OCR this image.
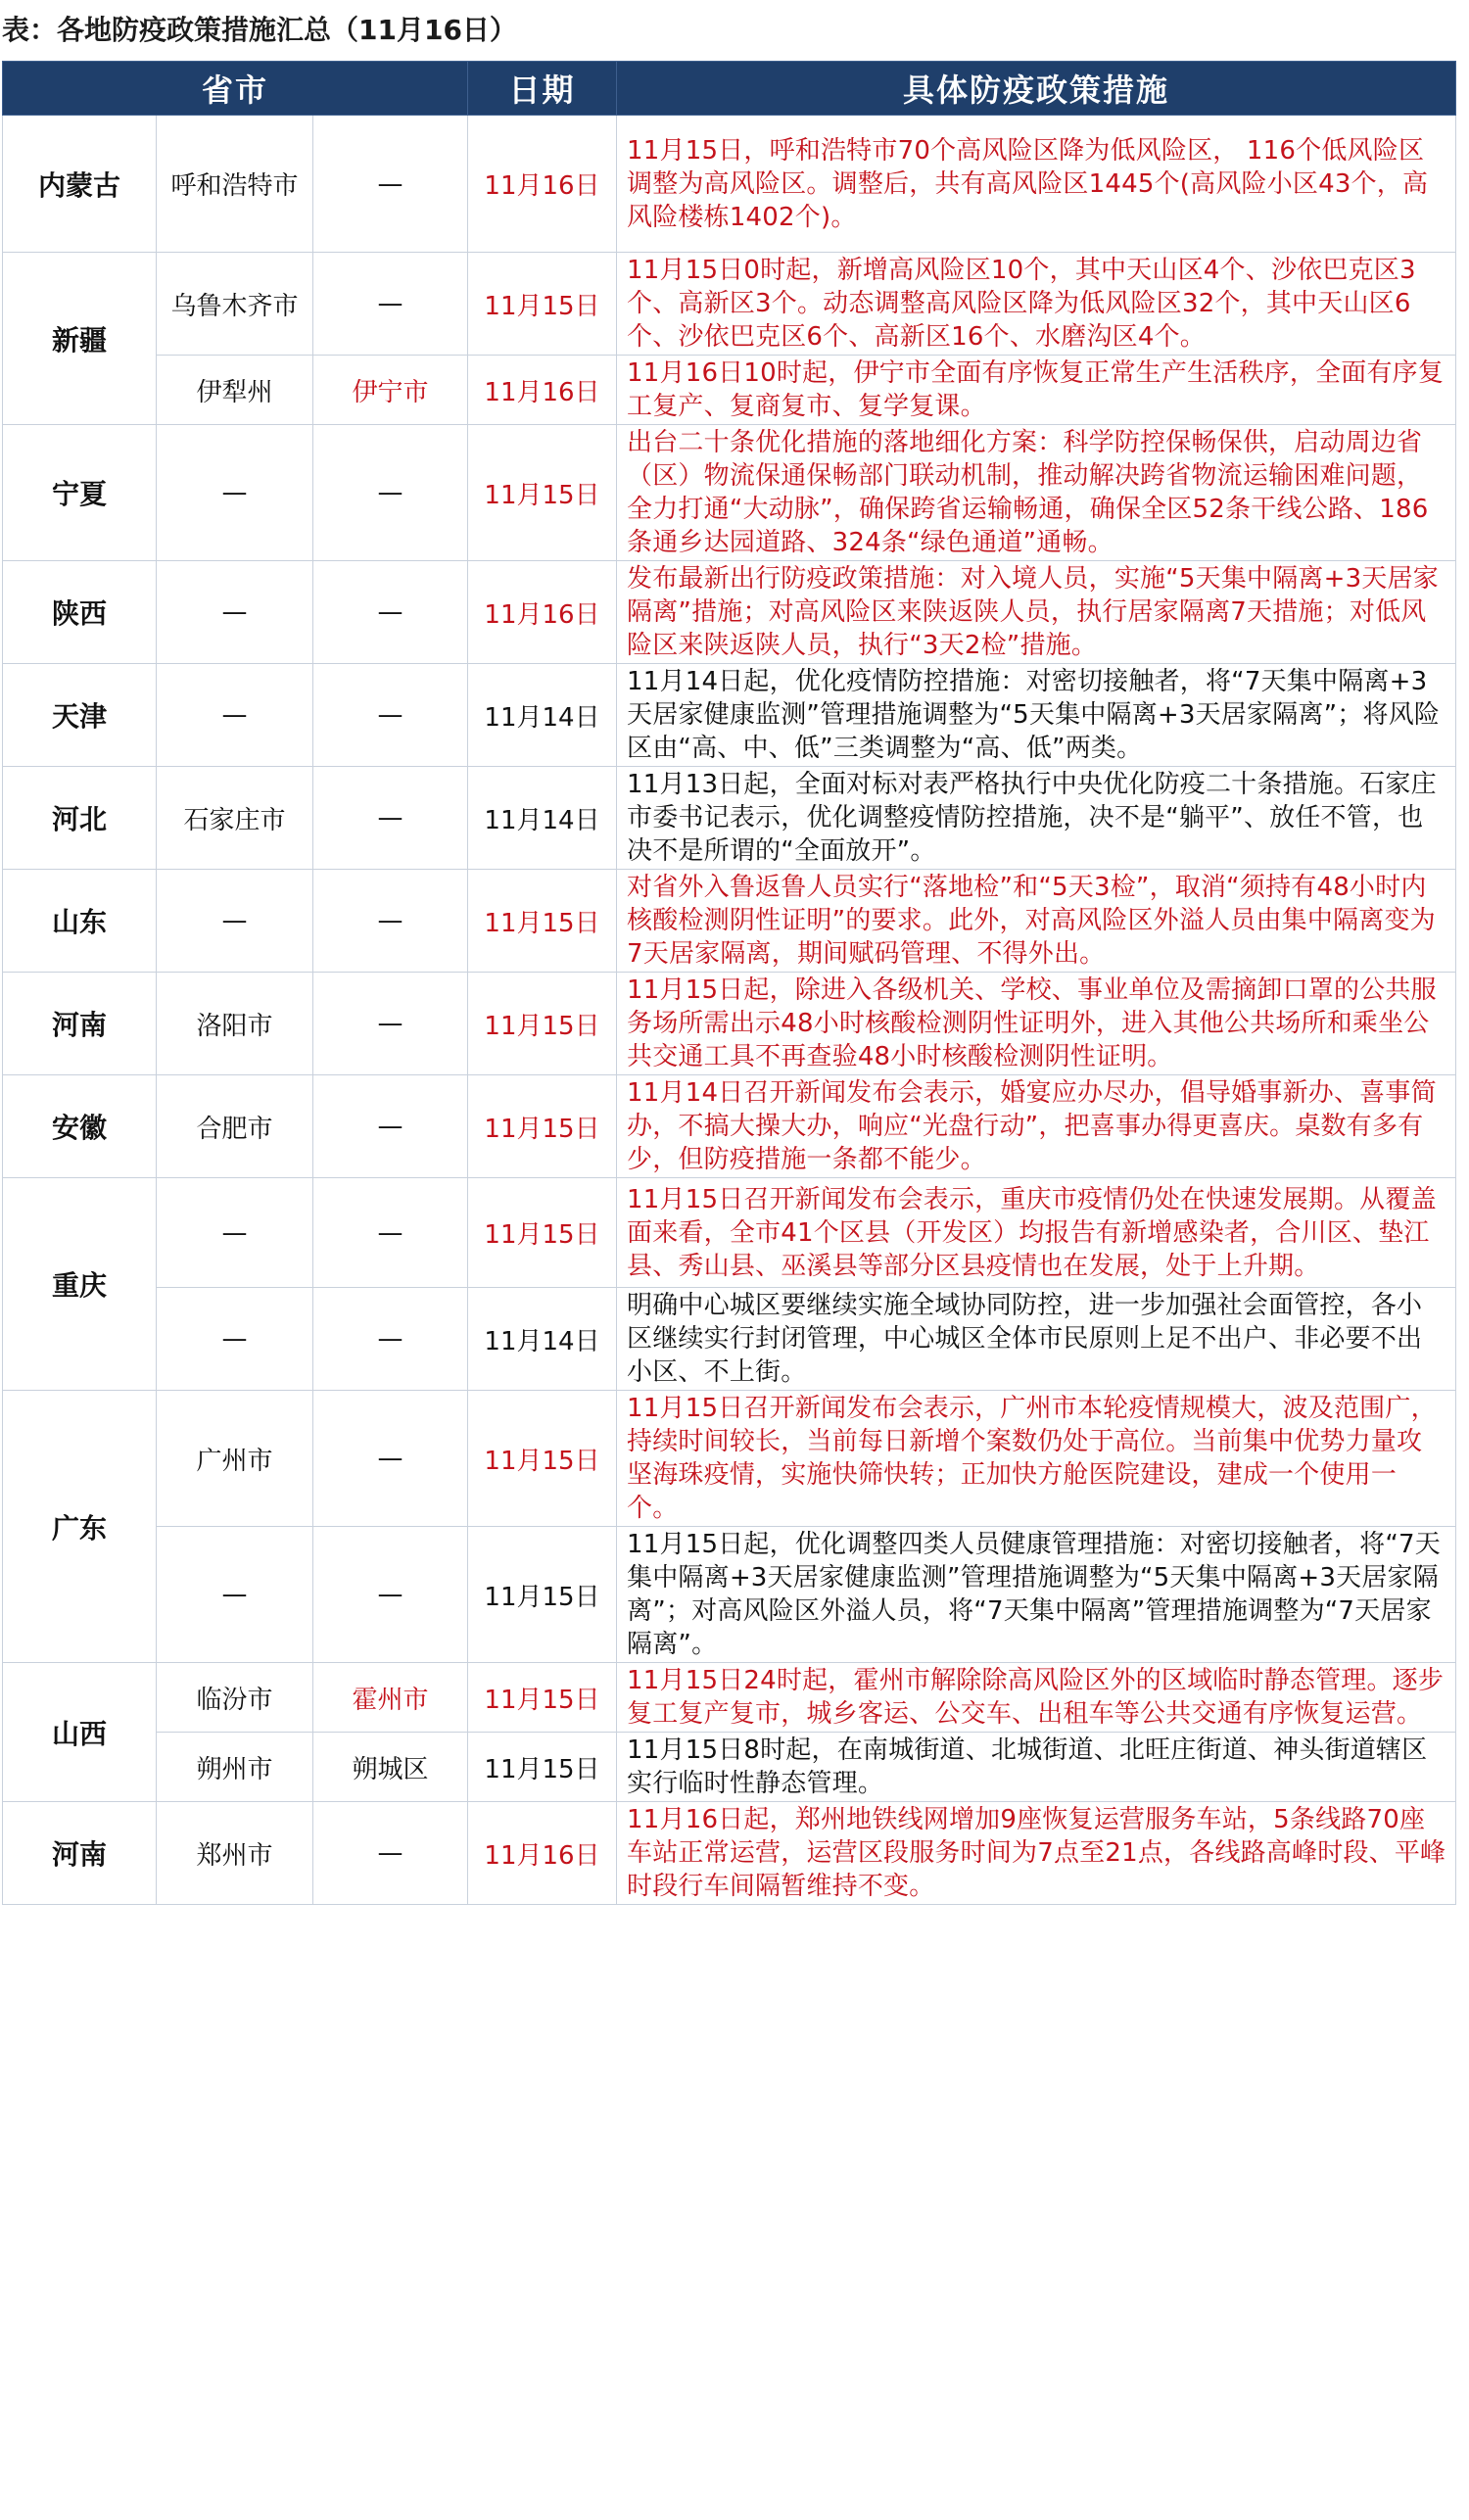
表：各地防疫政策措施汇总（11月16日）
省市			日期	具体防疫政策措施
内蒙古	呼和浩特市	—	11月16日	11月15日，呼和浩特市70个高风险区降为低风险区， 116个低风险区调整为高风险区。调整后，共有高风险区1445个(高风险小区43个，高风险楼栋1402个)。
新疆	乌鲁木齐市	—	11月15日	11月15日0时起，新增高风险区10个，其中天山区4个、沙依巴克区3个、高新区3个。动态调整高风险区降为低风险区32个，其中天山区6个、沙依巴克区6个、高新区16个、水磨沟区4个。
	伊犁州	伊宁市	11月16日	11月16日10时起，伊宁市全面有序恢复正常生产生活秩序，全面有序复工复产、复商复市、复学复课。
宁夏	—	—	11月15日	出台二十条优化措施的落地细化方案：科学防控保畅保供，启动周边省（区）物流保通保畅部门联动机制，推动解决跨省物流运输困难问题，全力打通“大动脉”，确保跨省运输畅通，确保全区52条干线公路、186条通乡达园道路、324条“绿色通道”通畅。
陕西	—	—	11月16日	发布最新出行防疫政策措施：对入境人员，实施“5天集中隔离+3天居家隔离”措施；对高风险区来陕返陕人员，执行居家隔离7天措施；对低风险区来陕返陕人员，执行“3天2检”措施。
天津	—	—	11月14日	11月14日起，优化疫情防控措施：对密切接触者，将“7天集中隔离+3天居家健康监测”管理措施调整为“5天集中隔离+3天居家隔离”；将风险区由“高、中、低”三类调整为“高、低”两类。
河北	石家庄市	—	11月14日	11月13日起，全面对标对表严格执行中央优化防疫二十条措施。石家庄市委书记表示，优化调整疫情防控措施，决不是“躺平”、放任不管，也决不是所谓的“全面放开”。
山东	—	—	11月15日	对省外入鲁返鲁人员实行“落地检”和“5天3检”，取消“须持有48小时内核酸检测阴性证明”的要求。此外，对高风险区外溢人员由集中隔离变为7天居家隔离，期间赋码管理、不得外出。
河南	洛阳市	—	11月15日	11月15日起，除进入各级机关、学校、事业单位及需摘卸口罩的公共服务场所需出示48小时核酸检测阴性证明外，进入其他公共场所和乘坐公共交通工具不再查验48小时核酸检测阴性证明。
安徽	合肥市	—	11月15日	11月14日召开新闻发布会表示，婚宴应办尽办，倡导婚事新办、喜事简办，不搞大操大办，响应“光盘行动”，把喜事办得更喜庆。桌数有多有少，但防疫措施一条都不能少。
重庆	—	—	11月15日	11月15日召开新闻发布会表示，重庆市疫情仍处在快速发展期。从覆盖面来看，全市41个区县（开发区）均报告有新增感染者，合川区、垫江县、秀山县、巫溪县等部分区县疫情也在发展，处于上升期。
	—	—	11月14日	明确中心城区要继续实施全域协同防控，进一步加强社会面管控，各小区继续实行封闭管理，中心城区全体市民原则上足不出户、非必要不出小区、不上街。
广东	广州市	—	11月15日	11月15日召开新闻发布会表示，广州市本轮疫情规模大，波及范围广，持续时间较长，当前每日新增个案数仍处于高位。当前集中优势力量攻坚海珠疫情，实施快筛快转；正加快方舱医院建设，建成一个使用一个。
	—	—	11月15日	11月15日起，优化调整四类人员健康管理措施：对密切接触者，将“7天集中隔离+3天居家健康监测”管理措施调整为“5天集中隔离+3天居家隔离”；对高风险区外溢人员，将“7天集中隔离”管理措施调整为“7天居家隔离”。
山西	临汾市	霍州市	11月15日	11月15日24时起，霍州市解除除高风险区外的区域临时静态管理。逐步复工复产复市，城乡客运、公交车、出租车等公共交通有序恢复运营。
	朔州市	朔城区	11月15日	11月15日8时起，在南城街道、北城街道、北旺庄街道、神头街道辖区实行临时性静态管理。
河南	郑州市	—	11月16日	11月16日起，郑州地铁线网增加9座恢复运营服务车站，5条线路70座车站正常运营，运营区段服务时间为7点至21点，各线路高峰时段、平峰时段行车间隔暂维持不变。
